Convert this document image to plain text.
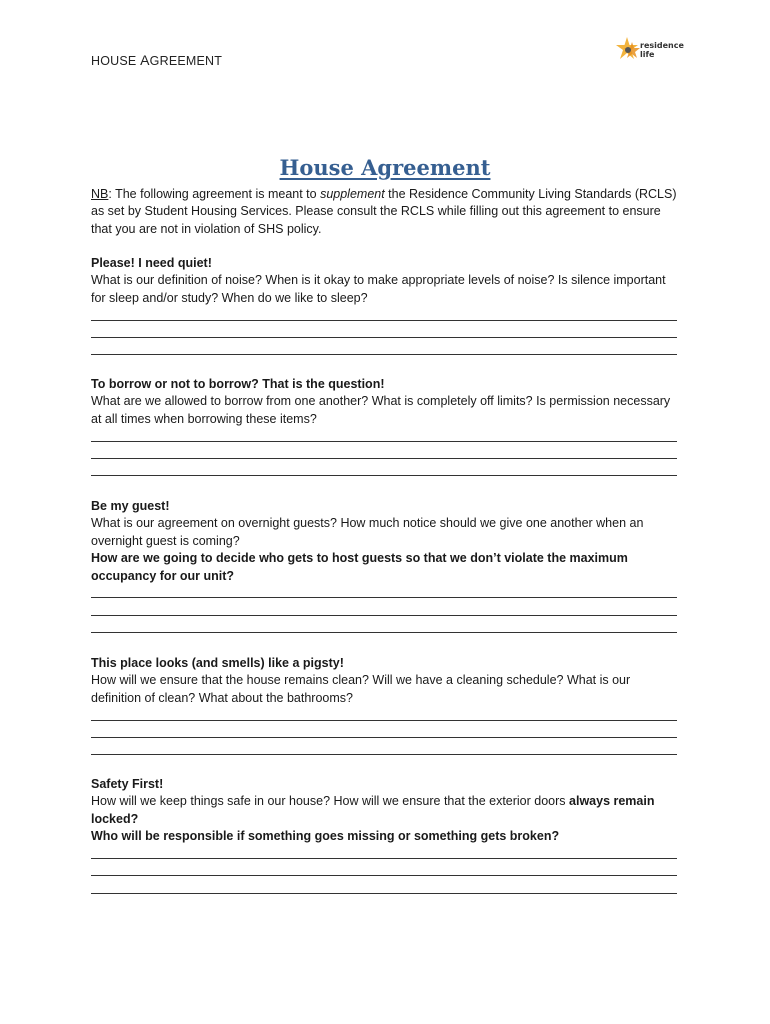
HOUSE AGREEMENT
residence
life
House Agreement
NB: The following agreement is meant to supplement the Residence Community Living Standards (RCLS) as set by Student Housing Services. Please consult the RCLS while filling out this agreement to ensure that you are not in violation of SHS policy.

Please! I need quiet!

What is our definition of noise? When is it okay to make appropriate levels of noise? Is silence important for sleep and/or study? When do we like to sleep?

To borrow or not to borrow? That is the question!

What are we allowed to borrow from one another? What is completely off limits? Is permission necessary at all times when borrowing these items?

Be my guest!

What is our agreement on overnight guests? How much notice should we give one another when an overnight guest is coming?

How are we going to decide who gets to host guests so that we don’t violate the maximum occupancy for our unit?

This place looks (and smells) like a pigsty!

How will we ensure that the house remains clean? Will we have a cleaning schedule? What is our definition of clean? What about the bathrooms?

Safety First!

How will we keep things safe in our house? How will we ensure that the exterior doors always remain locked?

Who will be responsible if something goes missing or something gets broken?
